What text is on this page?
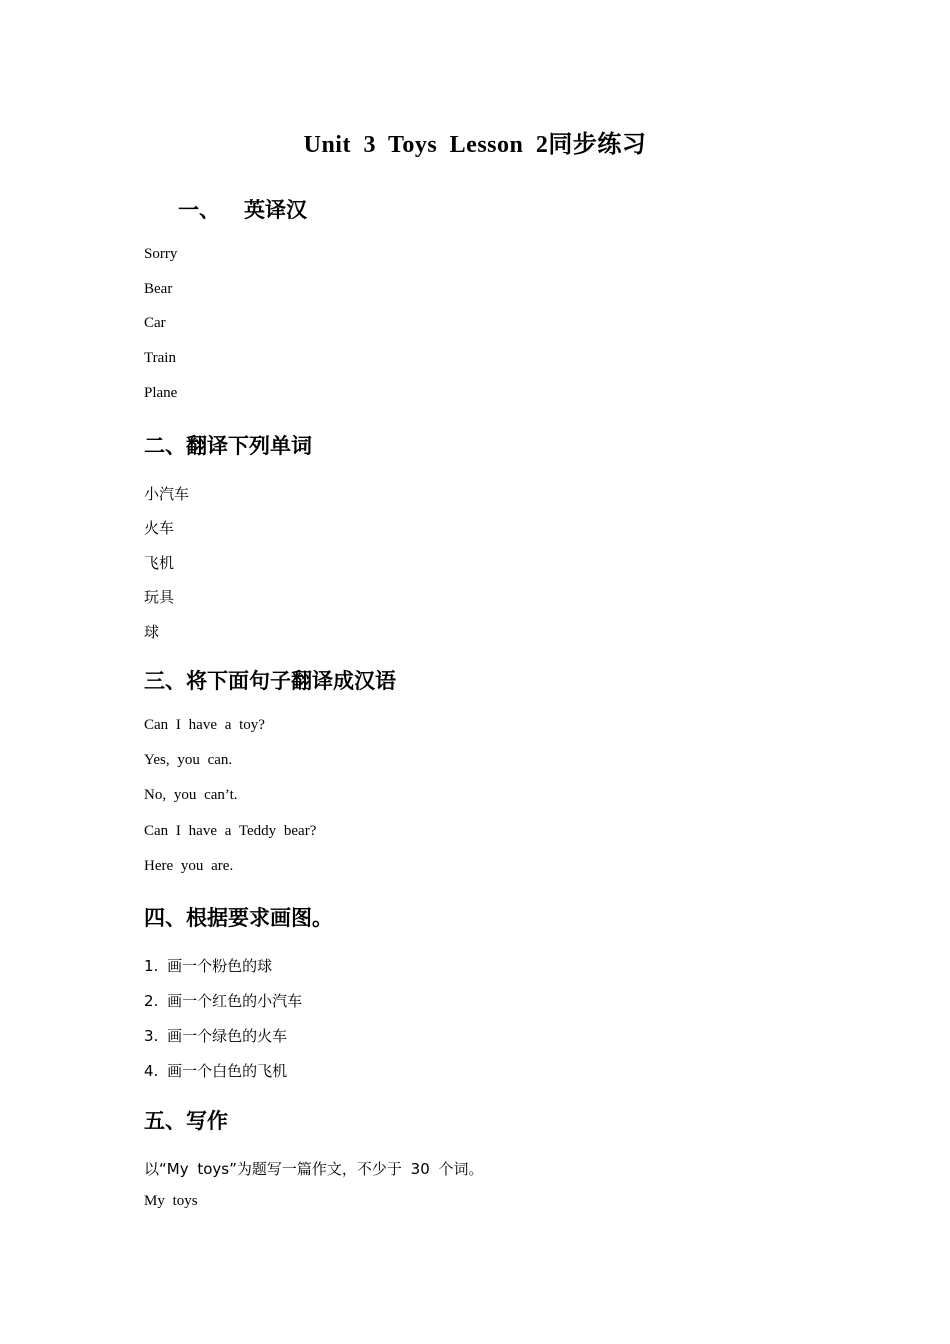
Unit 3 Toys Lesson 2同步练习
一、 英译汉
Sorry
Bear
Car
Train
Plane
二、翻译下列单词
小汽车
火车
飞机
玩具
球
三、将下面句子翻译成汉语
Can I have a toy?
Yes, you can.
No, you can’t.
Can I have a Teddy bear?
Here you are.
四、根据要求画图。
1. 画一个粉色的球
2. 画一个红色的小汽车
3. 画一个绿色的火车
4. 画一个白色的飞机
五、写作
以“My toys”为题写一篇作文，不少于 30 个词。
My toys
